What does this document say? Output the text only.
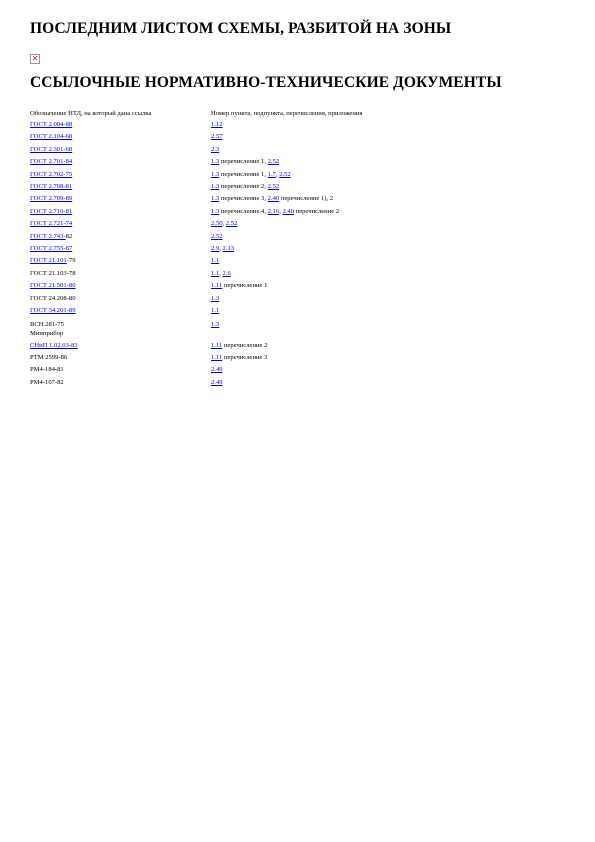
ПОСЛЕДНИМ ЛИСТОМ СХЕМЫ, РАЗБИТОЙ НА ЗОНЫ
✕
ССЫЛОЧНЫЕ НОРМАТИВНО-ТЕХНИЧЕСКИЕ ДОКУМЕНТЫ
Обозначение НТД, на который дана ссылка	Номер пункта, подпункта, перечисления, приложения
ГОСТ 2.004-88	1.12
ГОСТ 2.104-68	2.57
ГОСТ 2.301-68	2.3
ГОСТ 2.701-84	1.3 перечисление 1, 2.52
ГОСТ 2.702-75	1.3 перечисление 1, 1.7, 2.52
ГОСТ 2.708-81	1.3 перечисление 2, 2.52
ГОСТ 2.709-89	1.3 перечисление 3, 2.40 перечисление 1), 2
ГОСТ 2.710-81	1.3 перечисление 4, 2.16, 2.40 перечисление 2
ГОСТ 2.721-74	2.50, 2.52
ГОСТ 2.743-82	2.52
ГОСТ 2.755-87	2.9, 2.13
ГОСТ 21.101-79	1.1
ГОСТ 21.103-78	1.1, 2.6
ГОСТ 21.501-80	1.11 перечисление 1
ГОСТ 24.208-80	1.3
ГОСТ 34.201-89	1.1
ВСН 281-75
Минприбор	1.3
СНиП 1.02.03-83	1.11 перечисление 2
РТМ 2599-86	1.11 перечисление 3
РМ4-184-81	2.49
РМ4-107-82	2.49
